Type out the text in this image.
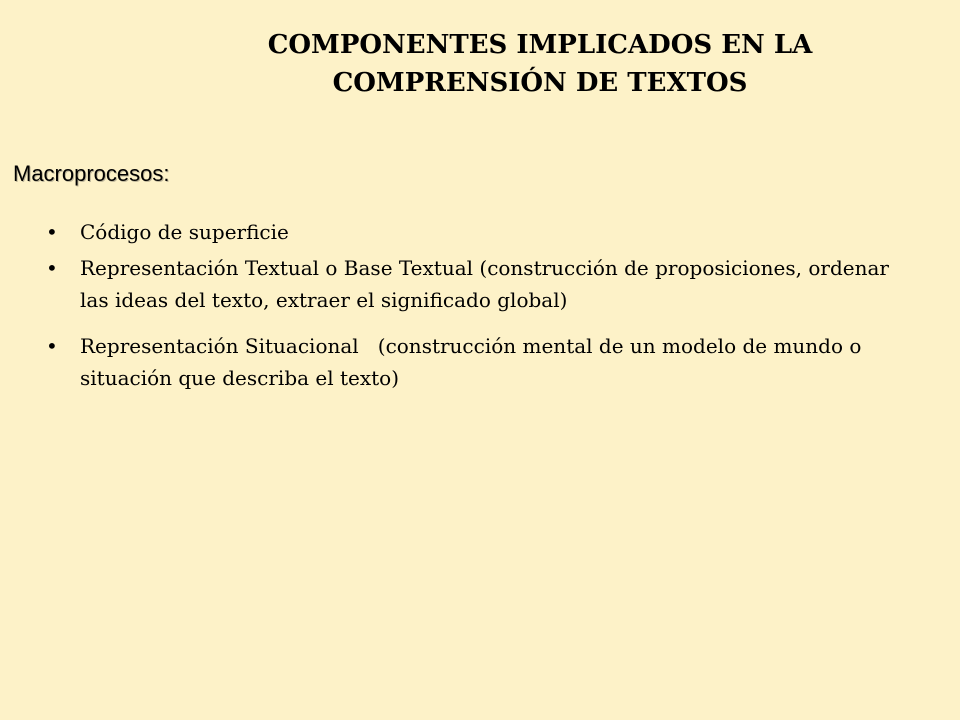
COMPONENTES IMPLICADOS EN LA
COMPRENSIÓN DE TEXTOS
Macroprocesos:
•	Código de superficie
•	Representación Textual o Base Textual (construcción de proposiciones, ordenar las ideas del texto, extraer el significado global)
•	Representación Situacional   (construcción mental de un modelo de mundo o situación que describa el texto)
